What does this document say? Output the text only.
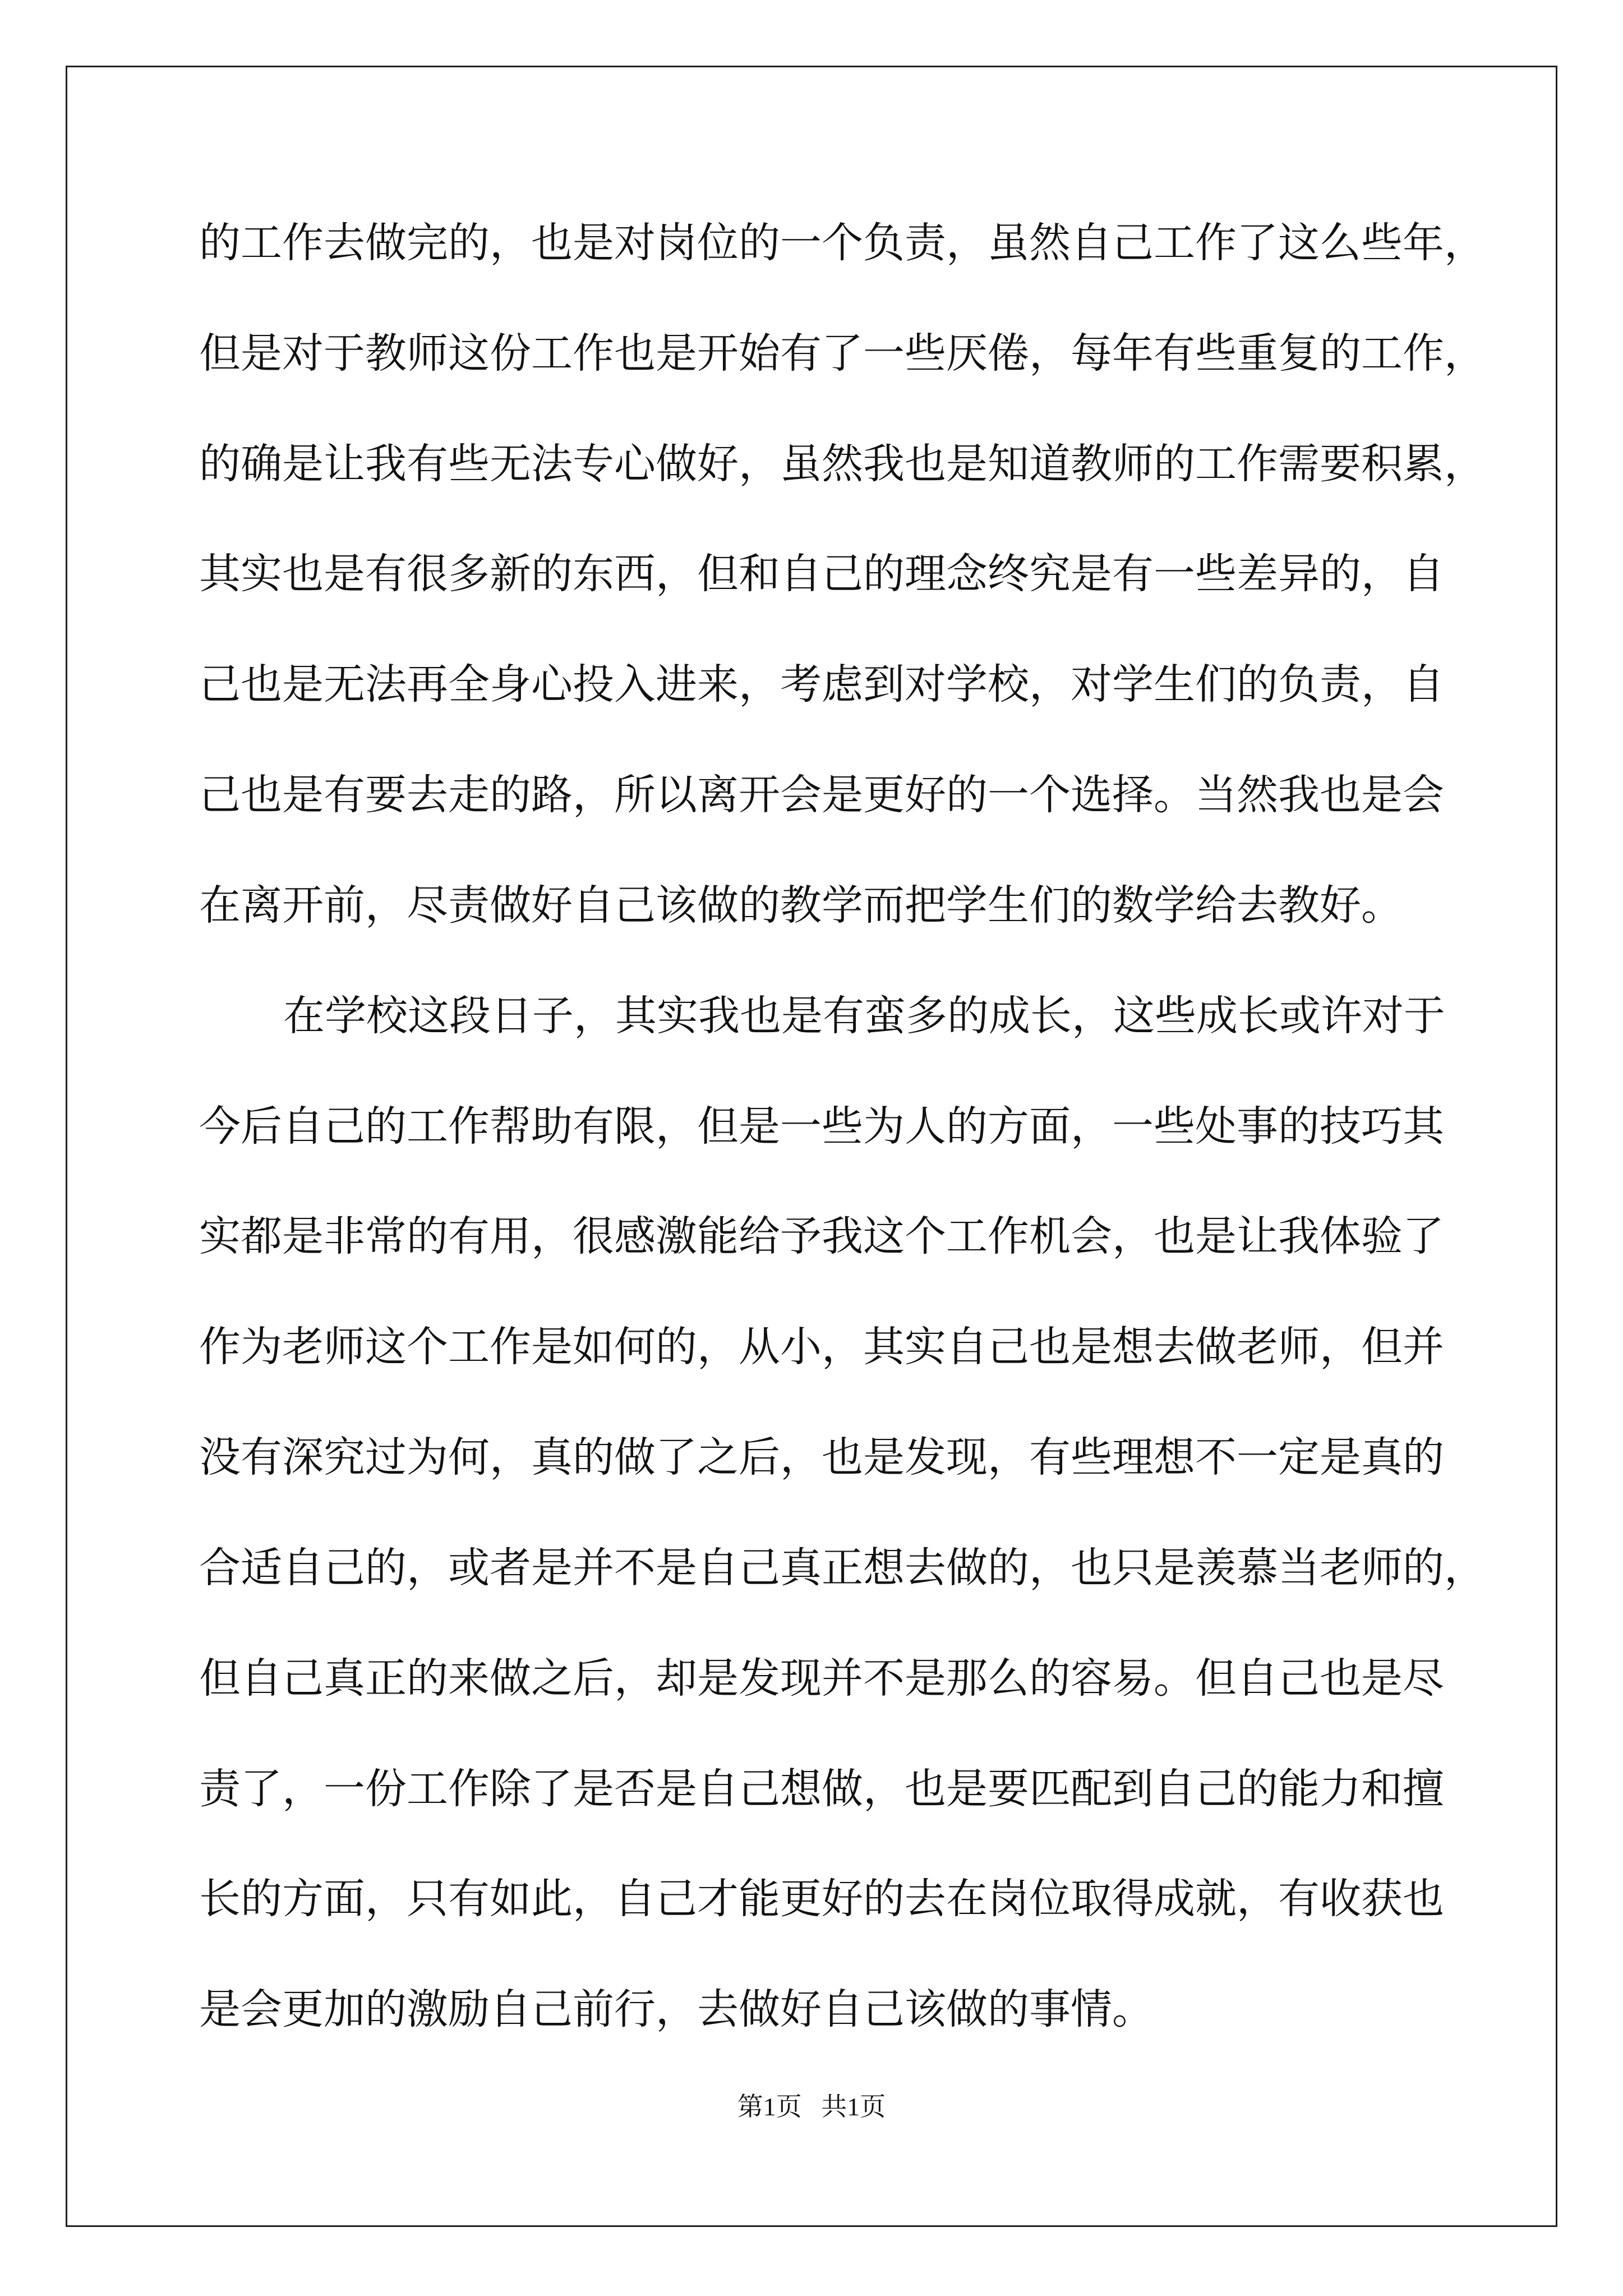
的工作去做完的，也是对岗位的一个负责，虽然自己工作了这么些年，

但是对于教师这份工作也是开始有了一些厌倦，每年有些重复的工作，

的确是让我有些无法专心做好，虽然我也是知道教师的工作需要积累，

其实也是有很多新的东西，但和自己的理念终究是有一些差异的，自

己也是无法再全身心投入进来，考虑到对学校，对学生们的负责，自

己也是有要去走的路，所以离开会是更好的一个选择。当然我也是会

在离开前，尽责做好自己该做的教学而把学生们的数学给去教好。

在学校这段日子，其实我也是有蛮多的成长，这些成长或许对于

今后自己的工作帮助有限，但是一些为人的方面，一些处事的技巧其

实都是非常的有用，很感激能给予我这个工作机会，也是让我体验了

作为老师这个工作是如何的，从小，其实自己也是想去做老师，但并

没有深究过为何，真的做了之后，也是发现，有些理想不一定是真的

合适自己的，或者是并不是自己真正想去做的，也只是羡慕当老师的，

但自己真正的来做之后，却是发现并不是那么的容易。但自己也是尽

责了，一份工作除了是否是自己想做，也是要匹配到自己的能力和擅

长的方面，只有如此，自己才能更好的去在岗位取得成就，有收获也

是会更加的激励自己前行，去做好自己该做的事情。

第1页   共1页
